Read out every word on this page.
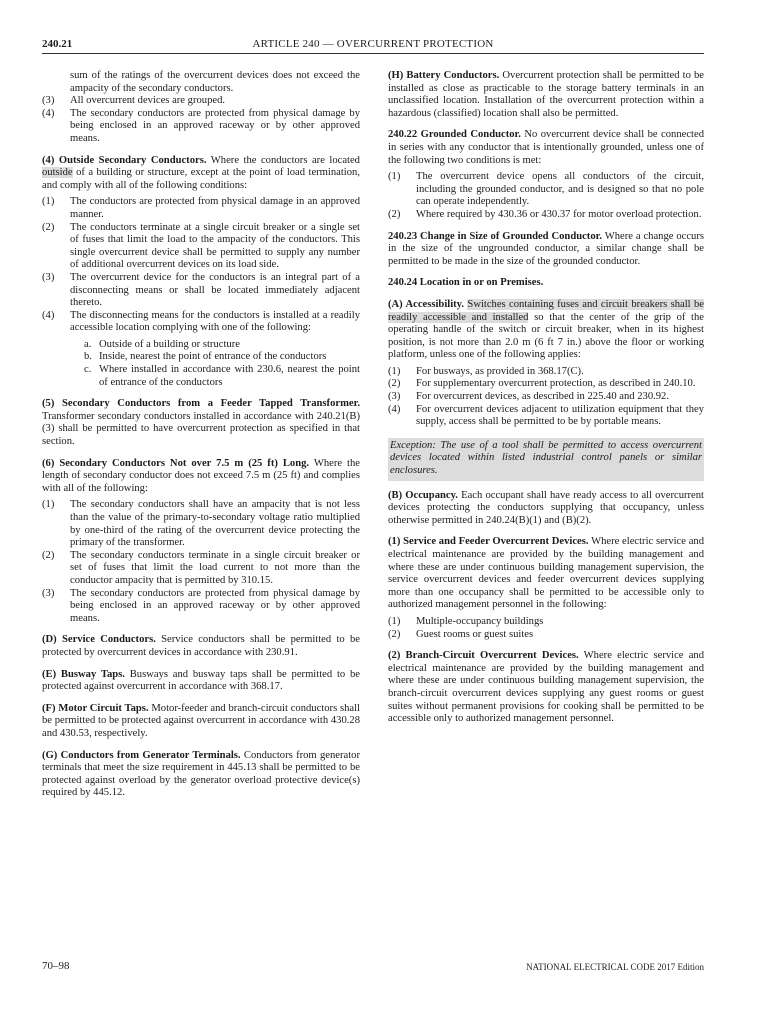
240.21	ARTICLE 240 — OVERCURRENT PROTECTION

sum of the ratings of the overcurrent devices does not exceed the ampacity of the secondary conductors.

(3)	All overcurrent devices are grouped.
(4)	The secondary conductors are protected from physical damage by being enclosed in an approved raceway or by other approved means.

(4) Outside Secondary Conductors. Where the conductors are located outside of a building or structure, except at the point of load termination, and comply with all of the following conditions:

(1)	The conductors are protected from physical damage in an approved manner.
(2)	The conductors terminate at a single circuit breaker or a single set of fuses that limit the load to the ampacity of the conductors. This single overcurrent device shall be permitted to supply any number of additional overcurrent devices on its load side.
(3)	The overcurrent device for the conductors is an integral part of a disconnecting means or shall be located immediately adjacent thereto.
(4)	The disconnecting means for the conductors is installed at a readily accessible location complying with one of the following:
a. Outside of a building or structure
b. Inside, nearest the point of entrance of the conductors
c. Where installed in accordance with 230.6, nearest the point of entrance of the conductors

(5) Secondary Conductors from a Feeder Tapped Transformer. Transformer secondary conductors installed in accordance with 240.21(B)(3) shall be permitted to have overcurrent protection as specified in that section.

(6) Secondary Conductors Not over 7.5 m (25 ft) Long. Where the length of secondary conductor does not exceed 7.5 m (25 ft) and complies with all of the following:

(1)	The secondary conductors shall have an ampacity that is not less than the value of the primary-to-secondary voltage ratio multiplied by one-third of the rating of the overcurrent device protecting the primary of the transformer.
(2)	The secondary conductors terminate in a single circuit breaker or set of fuses that limit the load current to not more than the conductor ampacity that is permitted by 310.15.
(3)	The secondary conductors are protected from physical damage by being enclosed in an approved raceway or by other approved means.

(D) Service Conductors. Service conductors shall be permitted to be protected by overcurrent devices in accordance with 230.91.

(E) Busway Taps. Busways and busway taps shall be permitted to be protected against overcurrent in accordance with 368.17.

(F) Motor Circuit Taps. Motor-feeder and branch-circuit conductors shall be permitted to be protected against overcurrent in accordance with 430.28 and 430.53, respectively.

(G) Conductors from Generator Terminals. Conductors from generator terminals that meet the size requirement in 445.13 shall be permitted to be protected against overload by the generator overload protective device(s) required by 445.12.

(H) Battery Conductors. Overcurrent protection shall be permitted to be installed as close as practicable to the storage battery terminals in an unclassified location. Installation of the overcurrent protection within a hazardous (classified) location shall also be permitted.

240.22 Grounded Conductor. No overcurrent device shall be connected in series with any conductor that is intentionally grounded, unless one of the following two conditions is met:

(1)	The overcurrent device opens all conductors of the circuit, including the grounded conductor, and is designed so that no pole can operate independently.
(2)	Where required by 430.36 or 430.37 for motor overload protection.

240.23 Change in Size of Grounded Conductor. Where a change occurs in the size of the ungrounded conductor, a similar change shall be permitted to be made in the size of the grounded conductor.

240.24 Location in or on Premises.

(A) Accessibility. Switches containing fuses and circuit breakers shall be readily accessible and installed so that the center of the grip of the operating handle of the switch or circuit breaker, when in its highest position, is not more than 2.0 m (6 ft 7 in.) above the floor or working platform, unless one of the following applies:

(1)	For busways, as provided in 368.17(C).
(2)	For supplementary overcurrent protection, as described in 240.10.
(3)	For overcurrent devices, as described in 225.40 and 230.92.
(4)	For overcurrent devices adjacent to utilization equipment that they supply, access shall be permitted to be by portable means.

Exception: The use of a tool shall be permitted to access overcurrent devices located within listed industrial control panels or similar enclosures.

(B) Occupancy. Each occupant shall have ready access to all overcurrent devices protecting the conductors supplying that occupancy, unless otherwise permitted in 240.24(B)(1) and (B)(2).

(1) Service and Feeder Overcurrent Devices. Where electric service and electrical maintenance are provided by the building management and where these are under continuous building management supervision, the service overcurrent devices and feeder overcurrent devices supplying more than one occupancy shall be permitted to be accessible only to authorized management personnel in the following:

(1)	Multiple-occupancy buildings
(2)	Guest rooms or guest suites

(2) Branch-Circuit Overcurrent Devices. Where electric service and electrical maintenance are provided by the building management and where these are under continuous building management supervision, the branch-circuit overcurrent devices supplying any guest rooms or guest suites without permanent provisions for cooking shall be permitted to be accessible only to authorized management personnel.

70–98	NATIONAL ELECTRICAL CODE 2017 Edition
